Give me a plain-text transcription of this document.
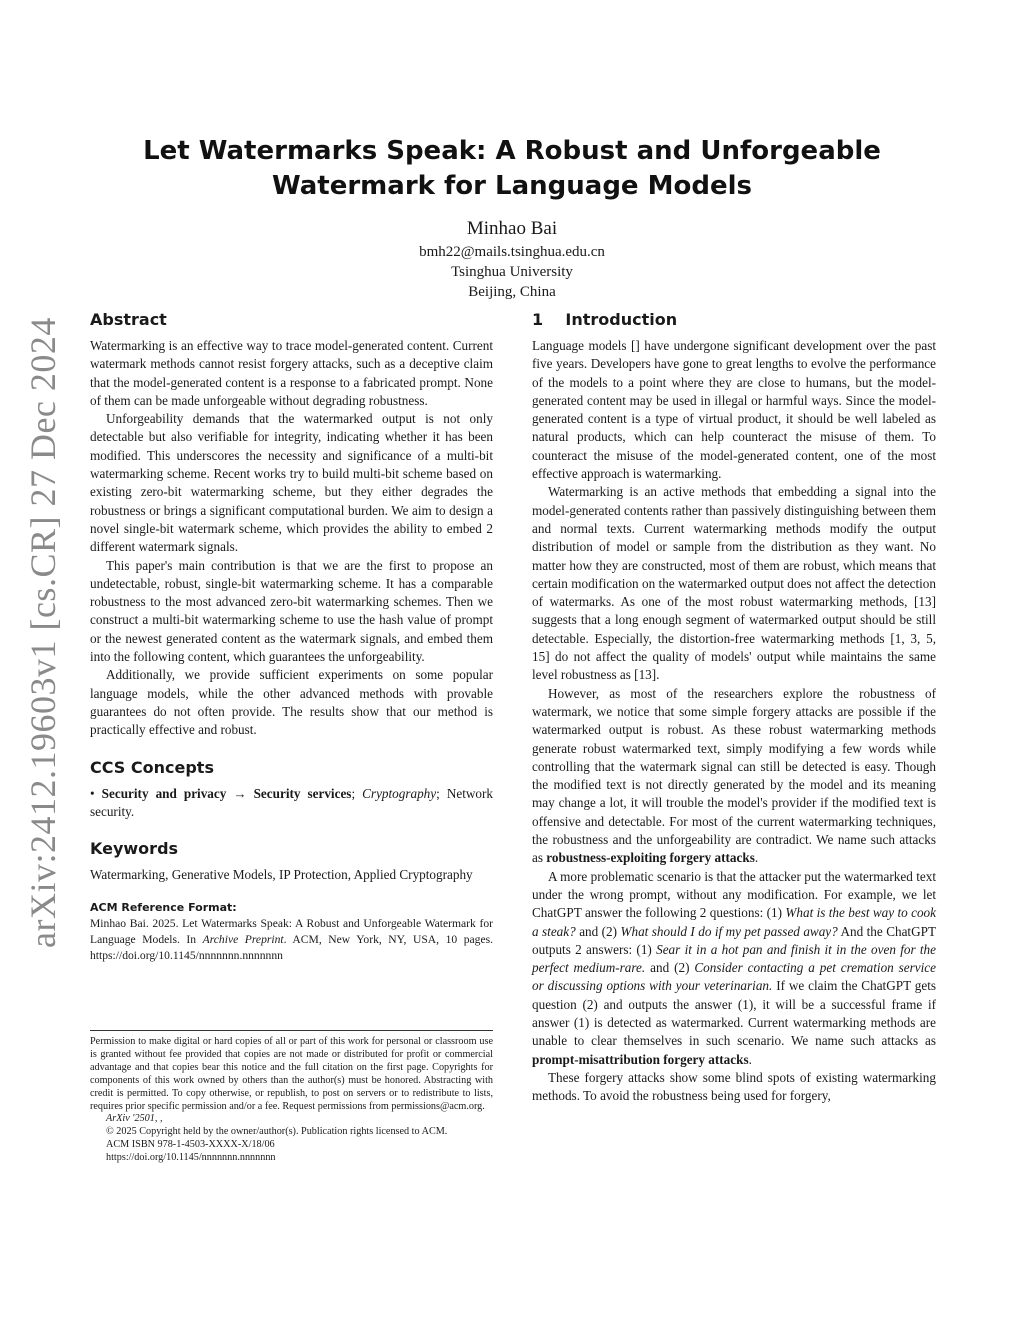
arXiv:2412.19603v1 [cs.CR] 27 Dec 2024
Let Watermarks Speak: A Robust and Unforgeable Watermark for Language Models
Minhao Bai
bmh22@mails.tsinghua.edu.cn
Tsinghua University
Beijing, China
Abstract

Watermarking is an effective way to trace model-generated content. Current watermark methods cannot resist forgery attacks, such as a deceptive claim that the model-generated content is a response to a fabricated prompt. None of them can be made unforgeable without degrading robustness.

Unforgeability demands that the watermarked output is not only detectable but also verifiable for integrity, indicating whether it has been modified. This underscores the necessity and significance of a multi-bit watermarking scheme. Recent works try to build multi-bit scheme based on existing zero-bit watermarking scheme, but they either degrades the robustness or brings a significant computational burden. We aim to design a novel single-bit watermark scheme, which provides the ability to embed 2 different watermark signals.

This paper's main contribution is that we are the first to propose an undetectable, robust, single-bit watermarking scheme. It has a comparable robustness to the most advanced zero-bit watermarking schemes. Then we construct a multi-bit watermarking scheme to use the hash value of prompt or the newest generated content as the watermark signals, and embed them into the following content, which guarantees the unforgeability.

Additionally, we provide sufficient experiments on some popular language models, while the other advanced methods with provable guarantees do not often provide. The results show that our method is practically effective and robust.

CCS Concepts

• Security and privacy → Security services; Cryptography; Network security.

Keywords

Watermarking, Generative Models, IP Protection, Applied Cryptography

ACM Reference Format:
Minhao Bai. 2025. Let Watermarks Speak: A Robust and Unforgeable Watermark for Language Models. In Archive Preprint. ACM, New York, NY, USA, 10 pages. https://doi.org/10.1145/nnnnnnn.nnnnnnn

Permission to make digital or hard copies of all or part of this work for personal or classroom use is granted without fee provided that copies are not made or distributed for profit or commercial advantage and that copies bear this notice and the full citation on the first page. Copyrights for components of this work owned by others than the author(s) must be honored. Abstracting with credit is permitted. To copy otherwise, or republish, to post on servers or to redistribute to lists, requires prior specific permission and/or a fee. Request permissions from permissions@acm.org.

ArXiv '2501, ,

© 2025 Copyright held by the owner/author(s). Publication rights licensed to ACM.

ACM ISBN 978-1-4503-XXXX-X/18/06

https://doi.org/10.1145/nnnnnnn.nnnnnnn

1    Introduction

Language models [] have undergone significant development over the past five years. Developers have gone to great lengths to evolve the performance of the models to a point where they are close to humans, but the model-generated content may be used in illegal or harmful ways. Since the model-generated content is a type of virtual product, it should be well labeled as natural products, which can help counteract the misuse of them. To counteract the misuse of the model-generated content, one of the most effective approach is watermarking.

Watermarking is an active methods that embedding a signal into the model-generated contents rather than passively distinguishing between them and normal texts. Current watermarking methods modify the output distribution of model or sample from the distribution as they want. No matter how they are constructed, most of them are robust, which means that certain modification on the watermarked output does not affect the detection of watermarks. As one of the most robust watermarking methods, [13] suggests that a long enough segment of watermarked output should be still detectable. Especially, the distortion-free watermarking methods [1, 3, 5, 15] do not affect the quality of models' output while maintains the same level robustness as [13].

However, as most of the researchers explore the robustness of watermark, we notice that some simple forgery attacks are possible if the watermarked output is robust. As these robust watermarking methods generate robust watermarked text, simply modifying a few words while controlling that the watermark signal can still be detected is easy. Though the modified text is not directly generated by the model and its meaning may change a lot, it will trouble the model's provider if the modified text is offensive and detectable. For most of the current watermarking techniques, the robustness and the unforgeability are contradict. We name such attacks as robustness-exploiting forgery attacks.

A more problematic scenario is that the attacker put the watermarked text under the wrong prompt, without any modification. For example, we let ChatGPT answer the following 2 questions: (1) What is the best way to cook a steak? and (2) What should I do if my pet passed away? And the ChatGPT outputs 2 answers: (1) Sear it in a hot pan and finish it in the oven for the perfect medium-rare. and (2) Consider contacting a pet cremation service or discussing options with your veterinarian. If we claim the ChatGPT gets question (2) and outputs the answer (1), it will be a successful frame if answer (1) is detected as watermarked. Current watermarking methods are unable to clear themselves in such scenario. We name such attacks as prompt-misattribution forgery attacks.

These forgery attacks show some blind spots of existing watermarking methods. To avoid the robustness being used for forgery,
